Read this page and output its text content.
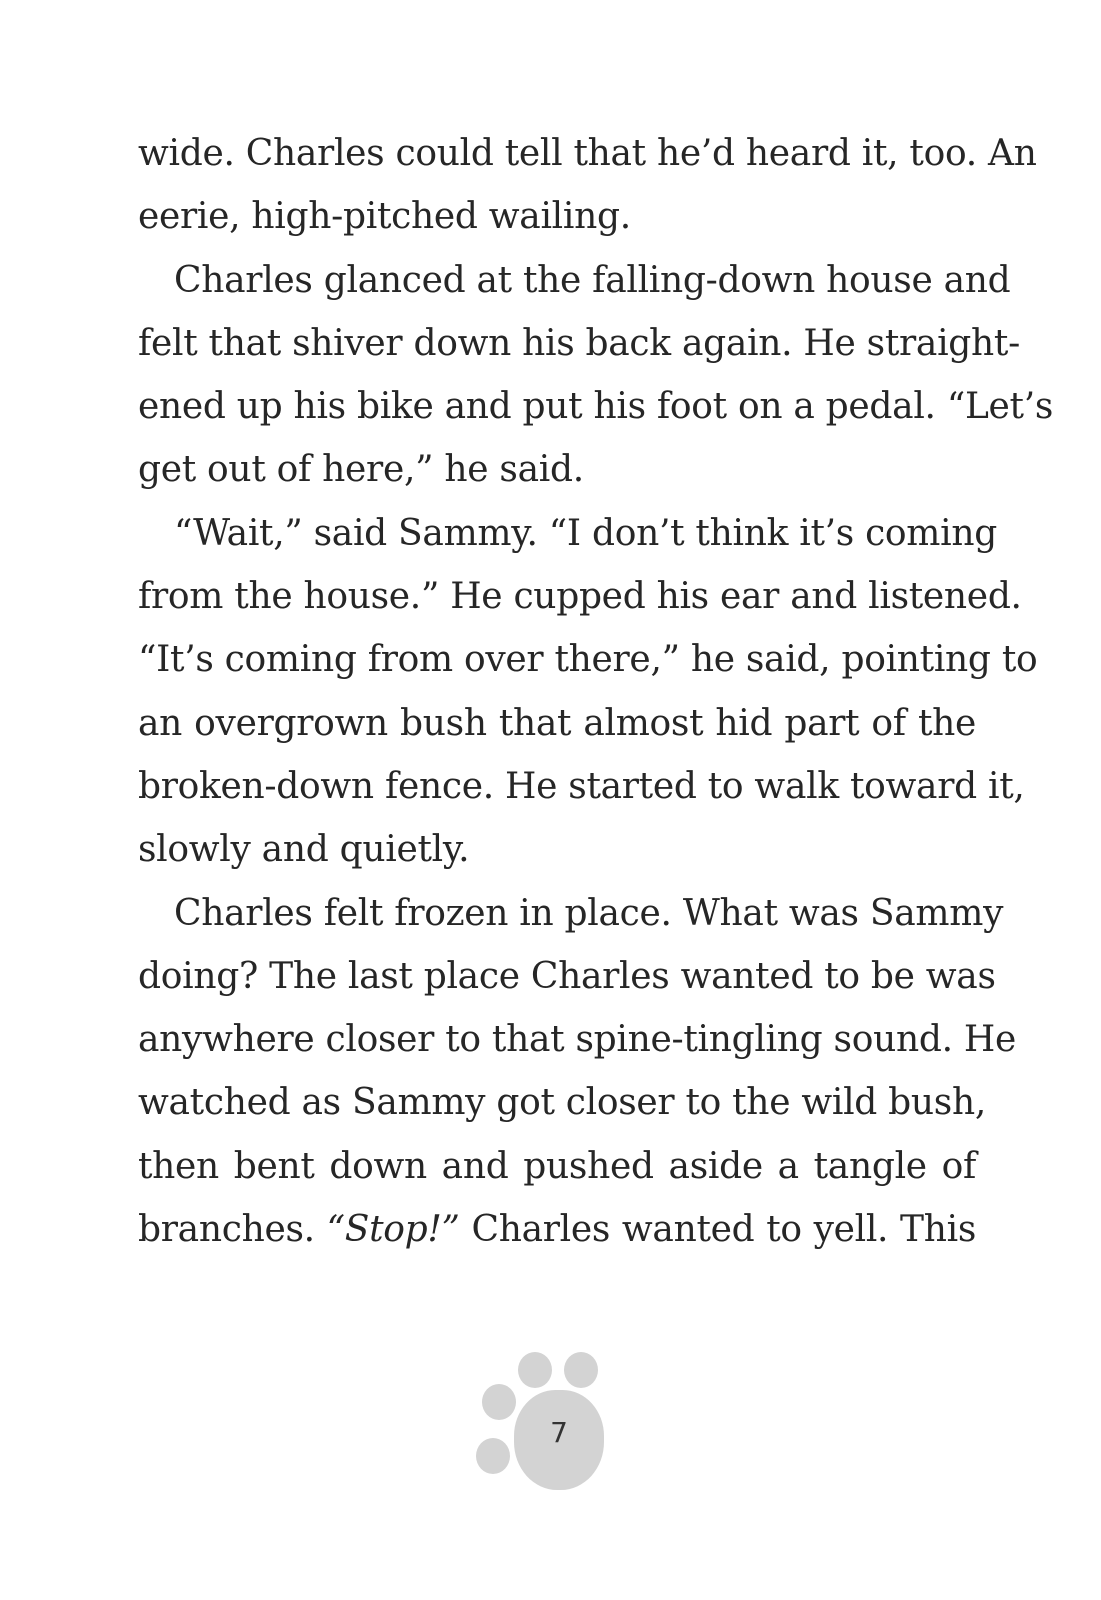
wide. Charles could tell that he’d heard it, too. An
eerie, high-pitched wailing.
Charles glanced at the falling-down house and
felt that shiver down his back again. He straight-
ened up his bike and put his foot on a pedal. “Let’s
get out of here,” he said.
“Wait,” said Sammy. “I don’t think it’s coming
from the house.” He cupped his ear and listened.
“It’s coming from over there,” he said, pointing to
an overgrown bush that almost hid part of the
broken-down fence. He started to walk toward it,
slowly and quietly.
Charles felt frozen in place. What was Sammy
doing? The last place Charles wanted to be was
anywhere closer to that spine-tingling sound. He
watched as Sammy got closer to the wild bush,
then bent down and pushed aside a tangle of
branches. “Stop!” Charles wanted to yell. This
7
